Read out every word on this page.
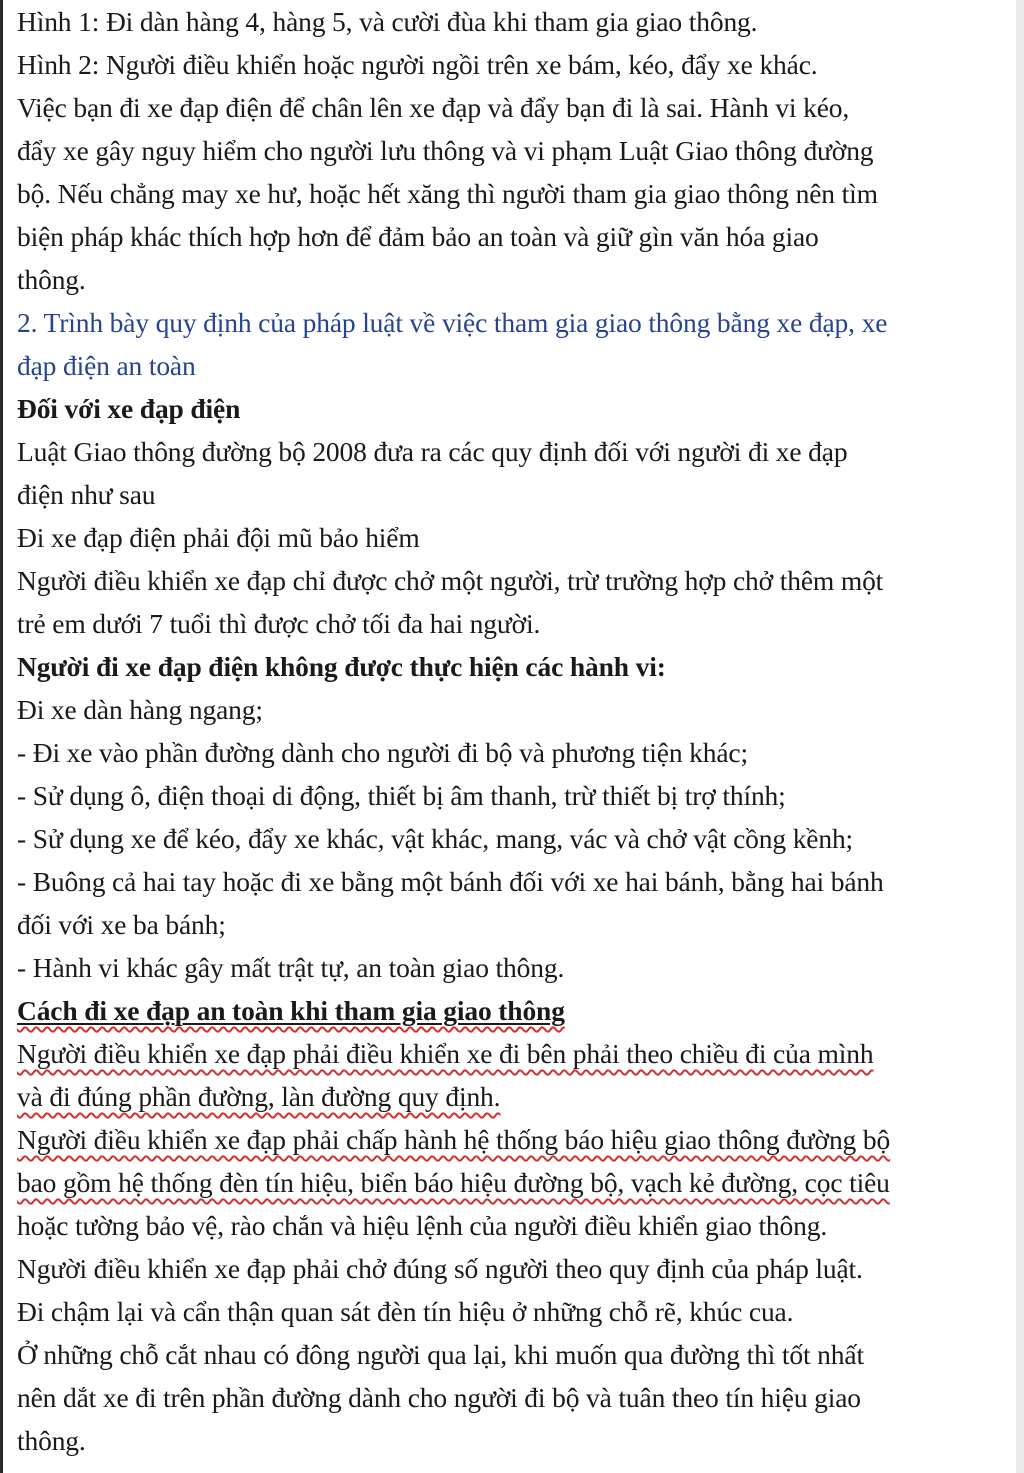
Hình 1: Đi dàn hàng 4, hàng 5, và cười đùa khi tham gia giao thông.
Hình 2: Người điều khiển hoặc người ngồi trên xe bám, kéo, đẩy xe khác.
Việc bạn đi xe đạp điện để chân lên xe đạp và đẩy bạn đi là sai. Hành vi kéo,
đẩy xe gây nguy hiểm cho người lưu thông và vi phạm Luật Giao thông đường
bộ. Nếu chẳng may xe hư, hoặc hết xăng thì người tham gia giao thông nên tìm
biện pháp khác thích hợp hơn để đảm bảo an toàn và giữ gìn văn hóa giao
thông.
2. Trình bày quy định của pháp luật về việc tham gia giao thông bằng xe đạp, xe
đạp điện an toàn
Đối với xe đạp điện
Luật Giao thông đường bộ 2008 đưa ra các quy định đối với người đi xe đạp
điện như sau
Đi xe đạp điện phải đội mũ bảo hiểm
Người điều khiển xe đạp chỉ được chở một người, trừ trường hợp chở thêm một
trẻ em dưới 7 tuổi thì được chở tối đa hai người.
Người đi xe đạp điện không được thực hiện các hành vi:
Đi xe dàn hàng ngang;
- Đi xe vào phần đường dành cho người đi bộ và phương tiện khác;
- Sử dụng ô, điện thoại di động, thiết bị âm thanh, trừ thiết bị trợ thính;
- Sử dụng xe để kéo, đẩy xe khác, vật khác, mang, vác và chở vật cồng kềnh;
- Buông cả hai tay hoặc đi xe bằng một bánh đối với xe hai bánh, bằng hai bánh
đối với xe ba bánh;
- Hành vi khác gây mất trật tự, an toàn giao thông.
Cách đi xe đạp an toàn khi tham gia giao thông
Người điều khiển xe đạp phải điều khiển xe đi bên phải theo chiều đi của mình
và đi đúng phần đường, làn đường quy định.
Người điều khiển xe đạp phải chấp hành hệ thống báo hiệu giao thông đường bộ
bao gồm hệ thống đèn tín hiệu, biển báo hiệu đường bộ, vạch kẻ đường, cọc tiêu
hoặc tường bảo vệ, rào chắn và hiệu lệnh của người điều khiển giao thông.
Người điều khiển xe đạp phải chở đúng số người theo quy định của pháp luật.
Đi chậm lại và cẩn thận quan sát đèn tín hiệu ở những chỗ rẽ, khúc cua.
Ở những chỗ cắt nhau có đông người qua lại, khi muốn qua đường thì tốt nhất
nên dắt xe đi trên phần đường dành cho người đi bộ và tuân theo tín hiệu giao
thông.
